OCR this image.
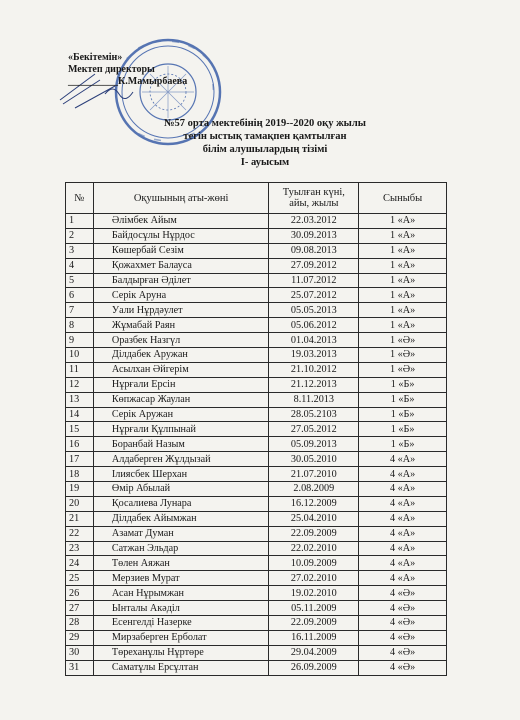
«Бекітемін»
Мектеп директоры
__________К.Мамырбаева
№57 орта мектебінің 2019--2020 оқу жылы
тегін ыстық тамақпен қамтылған
білім алушылардың тізімі
I- ауысым
№	Оқушының аты-жөні	Туылған күні, айы, жылы	Сыныбы
1	Әлімбек Айым	22.03.2012	1 «А»
2	Байдосұлы Нұрдос	30.09.2013	1 «А»
3	Көшербай Сезім	09.08.2013	1 «А»
4	Қожахмет Балауса	27.09.2012	1 «А»
5	Балдырған Әділет	11.07.2012	1 «А»
6	Серік Аруна	25.07.2012	1 «А»
7	Уали Нұрдәулет	05.05.2013	1 «А»
8	Жұмабай Раян	05.06.2012	1 «А»
9	Оразбек Назгүл	01.04.2013	1 «Ә»
10	Ділдабек Аружан	19.03.2013	1 «Ә»
11	Асылхан Әйгерім	21.10.2012	1 «Ә»
12	Нұрғали Ерсін	21.12.2013	1 «Б»
13	Көпжасар Жаулан	8.11.2013	1 «Б»
14	Серік Аружан	28.05.2103	1 «Б»
15	Нұрғали Құлпынай	27.05.2012	1 «Б»
16	Боранбай Назым	05.09.2013	1 «Б»
17	Алдаберген Жұлдызай	30.05.2010	4 «А»
18	Ілиясбек Шерхан	21.07.2010	4 «А»
19	Өмір Абылай	2.08.2009	4 «А»
20	Қосалиева Лунара	16.12.2009	4 «А»
21	Ділдабек Айымжан	25.04.2010	4 «А»
22	Азамат Думан	22.09.2009	4 «А»
23	Сатжан Эльдар	22.02.2010	4 «А»
24	Төлен Аяжан	10.09.2009	4 «А»
25	Мерзиев Мурат	27.02.2010	4 «А»
26	Асан Нұрымжан	19.02.2010	4 «Ә»
27	Ынталы Акәділ	05.11.2009	4 «Ә»
28	Есенгелді Назерке	22.09.2009	4 «Ә»
29	Мирзаберген Ерболат	16.11.2009	4 «Ә»
30	Төреханұлы Нұртөре	29.04.2009	4 «Ә»
31	Саматұлы Ерсұлтан	26.09.2009	4 «Ә»
